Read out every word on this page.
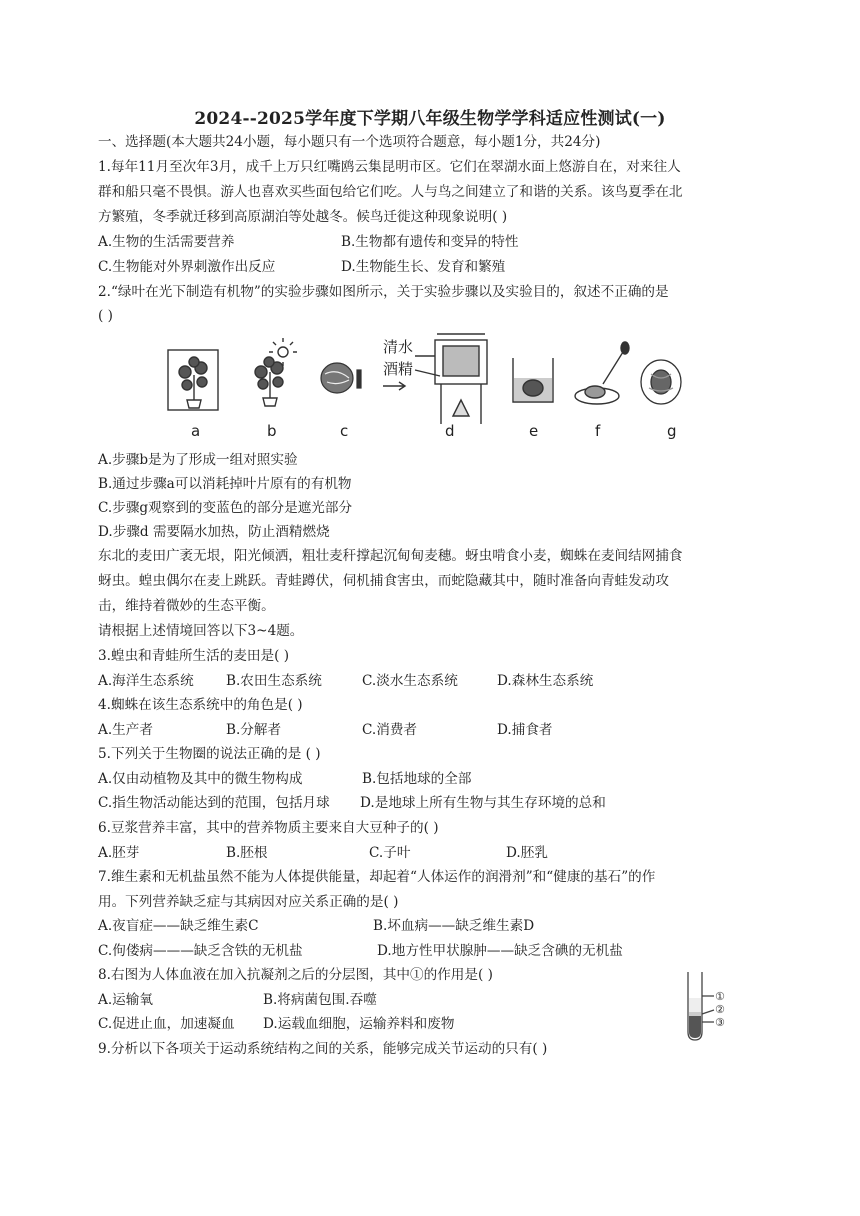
2024--2025学年度下学期八年级生物学学科适应性测试(一)
一、选择题(本大题共24小题，每小题只有一个选项符合题意，每小题1分，共24分)
1.每年11月至次年3月，成千上万只红嘴鸥云集昆明市区。它们在翠湖水面上悠游自在，对来往人
群和船只毫不畏惧。游人也喜欢买些面包给它们吃。人与鸟之间建立了和谐的关系。该鸟夏季在北
方繁殖，冬季就迁移到高原湖泊等处越冬。候鸟迁徙这种现象说明( )
A.生物的生活需要营养	B.生物都有遗传和变异的特性
C.生物能对外界刺激作出反应	D.生物能生长、发育和繁殖
2.“绿叶在光下制造有机物”的实验步骤如图所示，关于实验步骤以及实验目的，叙述不正确的是
( )
清水
酒精
a	b	c	d	e	f	g
A.步骤b是为了形成一组对照实验
B.通过步骤a可以消耗掉叶片原有的有机物
C.步骤g观察到的变蓝色的部分是遮光部分
D.步骤d 需要隔水加热，防止酒精燃烧
东北的麦田广袤无垠，阳光倾洒，粗壮麦秆撑起沉甸甸麦穗。蚜虫啃食小麦，蜘蛛在麦间结网捕食
蚜虫。蝗虫偶尔在麦上跳跃。青蛙蹲伏，伺机捕食害虫，而蛇隐藏其中，随时准备向青蛙发动攻
击，维持着微妙的生态平衡。
请根据上述情境回答以下3~4题。
3.蝗虫和青蛙所生活的麦田是( )
A.海洋生态系统 B.农田生态系统	C.淡水生态系统	D.森林生态系统
4.蜘蛛在该生态系统中的角色是( )
A.生产者	B.分解者	C.消费者	D.捕食者
5.下列关于生物圈的说法正确的是 ( )
A.仅由动植物及其中的微生物构成	B.包括地球的全部
C.指生物活动能达到的范围，包括月球 D.是地球上所有生物与其生存环境的总和
6.豆浆营养丰富，其中的营养物质主要来自大豆种子的( )
A.胚芽	B.胚根	C.子叶	D.胚乳
7.维生素和无机盐虽然不能为人体提供能量，却起着“人体运作的润滑剂”和“健康的基石”的作
用。下列营养缺乏症与其病因对应关系正确的是( )
A.夜盲症——缺乏维生素C	B.坏血病——缺乏维生素D
C.佝偻病———缺乏含铁的无机盐	D.地方性甲状腺肿——缺乏含碘的无机盐
8.右图为人体血液在加入抗凝剂之后的分层图，其中①的作用是( )
A.运输氧	B.将病菌包围.吞噬
C.促进止血，加速凝血 D.运载血细胞，运输养料和废物
①
②
③
9.分析以下各项关于运动系统结构之间的关系，能够完成关节运动的只有( )
